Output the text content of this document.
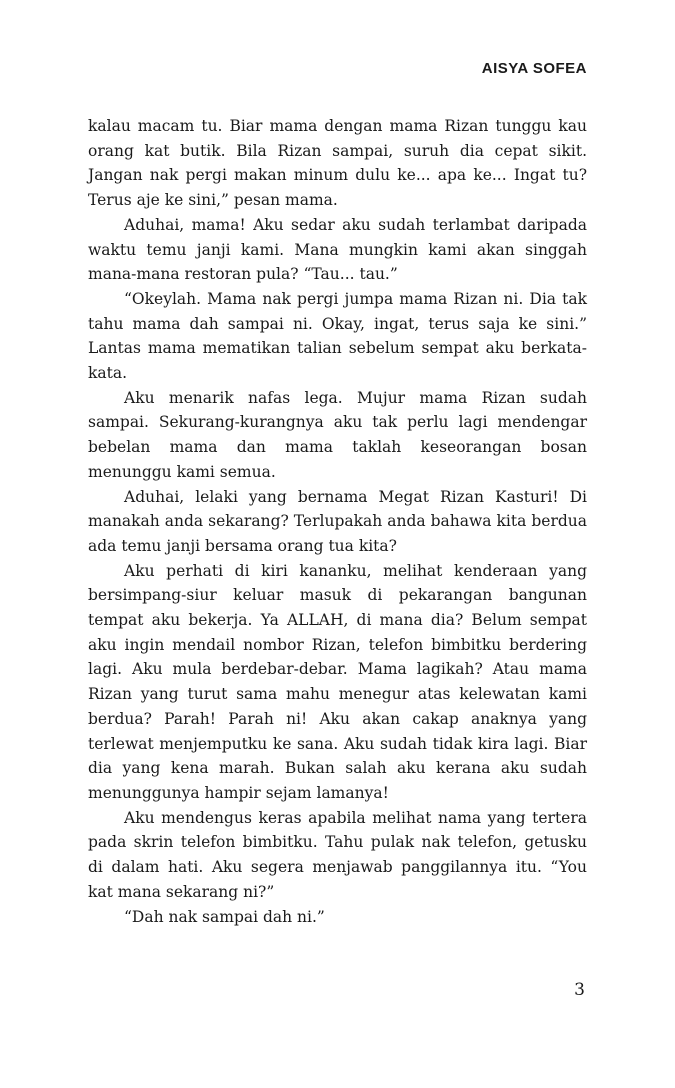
AISYA SOFEA

kalau macam tu. Biar mama dengan mama Rizan tunggu kau orang kat butik. Bila Rizan sampai, suruh dia cepat sikit. Jangan nak pergi makan minum dulu ke... apa ke... Ingat tu? Terus aje ke sini,” pesan mama.

Aduhai, mama! Aku sedar aku sudah terlambat daripada waktu temu janji kami. Mana mungkin kami akan singgah mana-mana restoran pula? “Tau... tau.”

“Okeylah. Mama nak pergi jumpa mama Rizan ni. Dia tak tahu mama dah sampai ni. Okay, ingat, terus saja ke sini.” Lantas mama mematikan talian sebelum sempat aku berkata-kata.

Aku menarik nafas lega. Mujur mama Rizan sudah sampai. Sekurang-kurangnya aku tak perlu lagi mendengar bebelan mama dan mama taklah keseorangan bosan menunggu kami semua.

Aduhai, lelaki yang bernama Megat Rizan Kasturi! Di manakah anda sekarang? Terlupakah anda bahawa kita berdua ada temu janji bersama orang tua kita?

Aku perhati di kiri kananku, melihat kenderaan yang bersimpang-siur keluar masuk di pekarangan bangunan tempat aku bekerja. Ya ALLAH, di mana dia? Belum sempat aku ingin mendail nombor Rizan, telefon bimbitku berdering lagi. Aku mula berdebar-debar. Mama lagikah? Atau mama Rizan yang turut sama mahu menegur atas kelewatan kami berdua? Parah! Parah ni! Aku akan cakap anaknya yang terlewat menjemputku ke sana. Aku sudah tidak kira lagi. Biar dia yang kena marah. Bukan salah aku kerana aku sudah menunggunya hampir sejam lamanya!

Aku mendengus keras apabila melihat nama yang tertera pada skrin telefon bimbitku. Tahu pulak nak telefon, getusku di dalam hati. Aku segera menjawab panggilannya itu. “You kat mana sekarang ni?”

“Dah nak sampai dah ni.”

3
